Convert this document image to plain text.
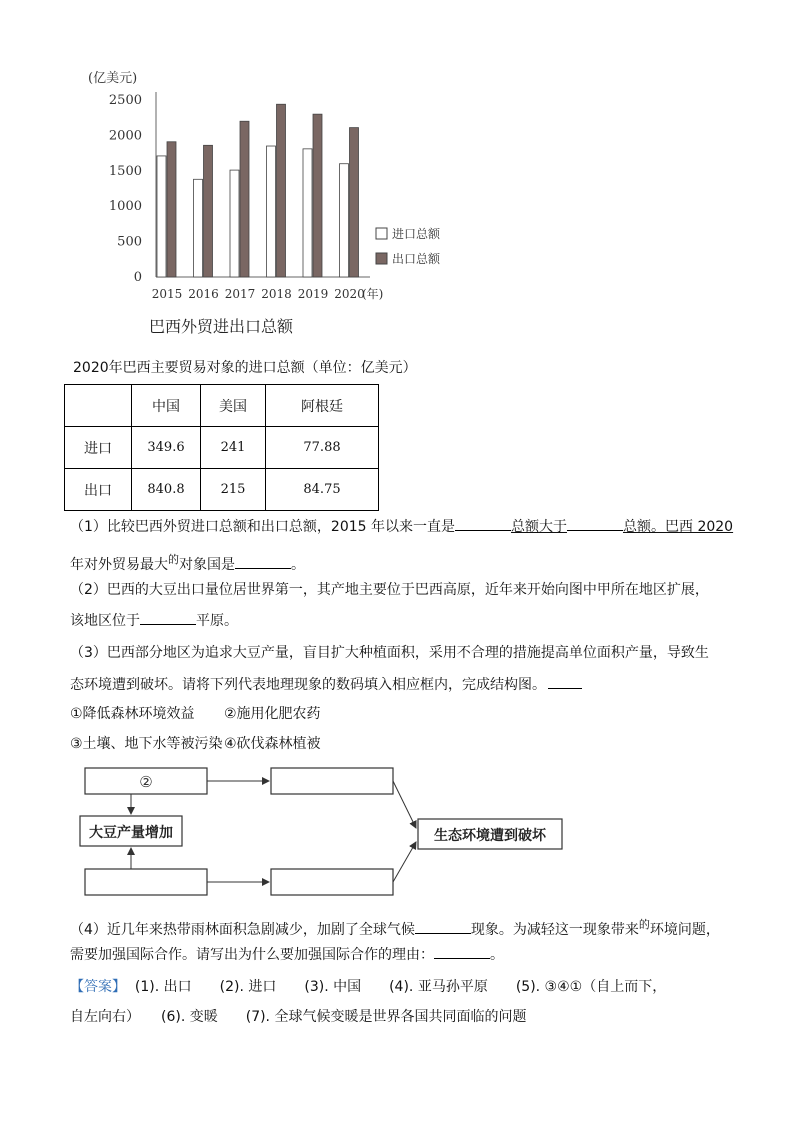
(亿美元)
0
500
1000
1500
2000
2500
2015 2016 2017 2018 2019 2020
(年)
进口总额
出口总额
巴西外贸进出口总额
2020年巴西主要贸易对象的进口总额（单位：亿美元）
	中国	美国	阿根廷
进口	349.6	241	77.88
出口	840.8	215	84.75
（1）比较巴西外贸进口总额和出口总额，2015 年以来一直是	总额大于	总额。巴西 2020
年对外贸易最大$^的$对象国是	。
（2）巴西的大豆出口量位居世界第一，其产地主要位于巴西高原，近年来开始向图中甲所在地区扩展，
该地区位于	平原。
（3）巴西部分地区为追求大豆产量，盲目扩大种植面积，采用不合理的措施提高单位面积产量，导致生
态环境遭到破坏。请将下列代表地理现象的数码填入相应框内，完成结构图。
①降低森林环境效益 ②施用化肥农药
③土壤、地下水等被污染④砍伐森林植被
②
大豆产量增加	生态环境遭到破坏
（4）近几年来热带雨林面积急剧减少，加剧了全球气候	现象。为减轻这一现象带来$^的$环境问题，
需要加强国际合作。请写出为什么要加强国际合作的理由：	。
【答案】 (1). 出口　　(2). 进口　　(3). 中国　　(4). 亚马孙平原　　(5). ③④①（自上而下，
自左向右）　　(6). 变暖　　(7). 全球气候变暖是世界各国共同面临的问题
